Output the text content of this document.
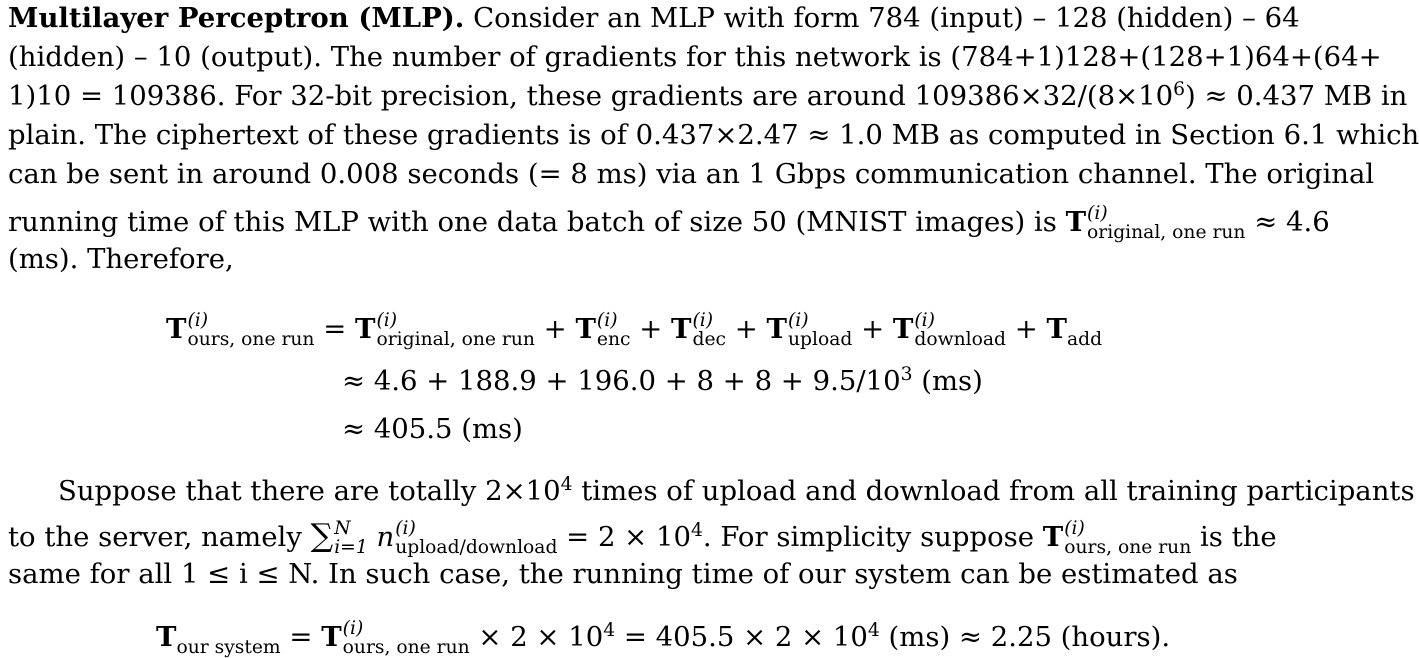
Multilayer Perceptron (MLP). Consider an MLP with form 784 (input) – 128 (hidden) – 64
(hidden) – 10 (output). The number of gradients for this network is (784+1)128+(128+1)64+(64+
1)10 = 109386. For 32-bit precision, these gradients are around $109386\times 32/(8\times 10^6) \approx 0.437$ MB in
plain. The ciphertext of these gradients is of 0.437×2.47 ≈ 1.0 MB as computed in Section 6.1 which
can be sent in around 0.008 seconds (= 8 ms) via an 1 Gbps communication channel. The original
running time of this MLP with one data batch of size 50 (MNIST images) is T (i)
original, one run ≈ 4.6
(ms). Therefore,
T (i)
ours, one run = T (i)
original, one run + T (i)
enc + T (i)
dec + T (i)
upload + T (i)
download + $T_{add}$
≈ $4.6 + 188.9 + 196.0 + 8 + 8 + 9.5/10^3$ (ms)
≈ 405.5 (ms)
Suppose that there are totally $2\times 10^4$ times of upload and download from all training participants
to the server, namely ∑ N
i=1 n (i)
upload/download = $2 \times 10^4$. For simplicity suppose T (i)
ours, one run is the
same for all 1 ≤ i ≤ N. In such case, the running time of our system can be estimated as
$T_{our system} = T$ (i)
ours, one run × $2 \times 10^4 = 405.5 \times 2 \times 10^4$ (ms) ≈ 2.25 (hours).
